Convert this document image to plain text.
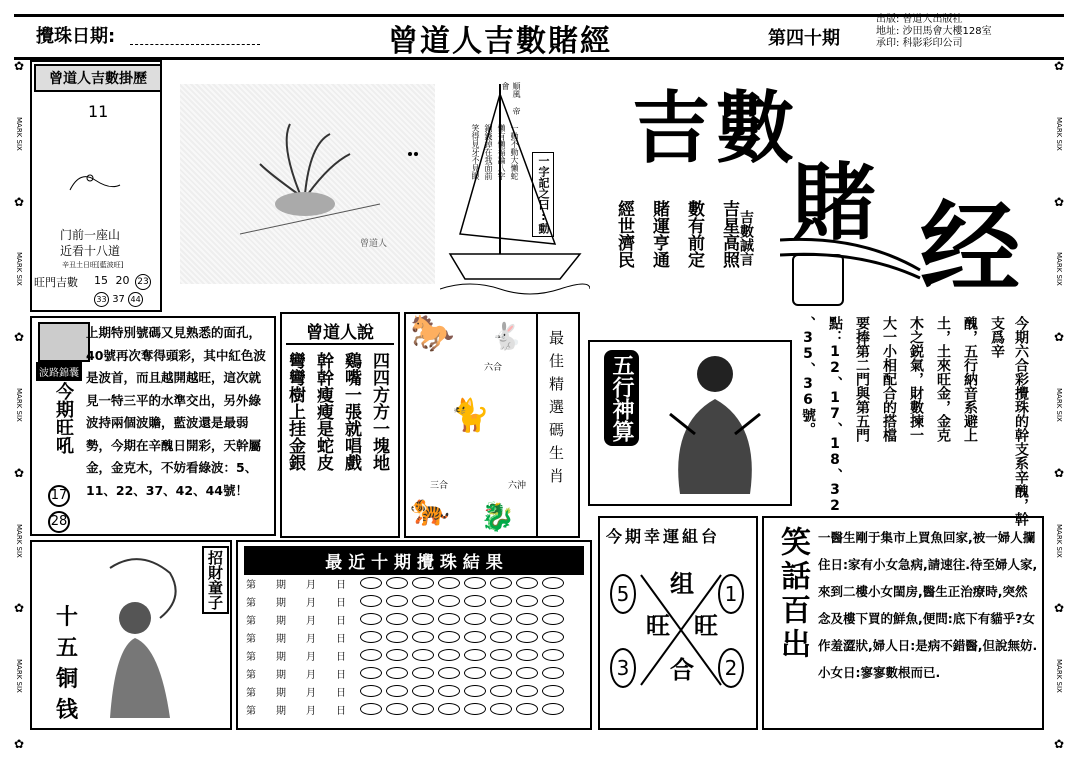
攪珠日期:	曾道人吉數賭經	第四十期
出版: 曾道人出版社
地址: 沙田馬會大樓128室
承印: 科影彩印公司
✿
MARK SIX
✿
MARK SIX
✿
MARK SIX
✿
MARK SIX
✿
MARK SIX
✿
✿
MARK SIX
✿
MARK SIX
✿
MARK SIX
✿
MARK SIX
✿
MARK SIX
✿
曾道人吉數掛歷
11
门前一座山
近看十八道
辛丑土日旺[藍波旺]
旺門吉數 15 20 23
33 37 44
曾道人
順風 帝會
一動不動大懶蛇
懶有懶福論八字
銅錢掉在我面前
笑得見牙不見眼
一字記之曰:動
吉數
賭 经
吉星高照
數有前定
賭運亨通
經世濟民	吉數誠言
波路錦囊
今期旺吼
17
28
上期特別號碼又見熟悉的面孔，40號再次奪得頭彩，其中紅色波是波首，而且越開越旺，這次就見一特三平的水準交出，另外綠波持兩個波贍，藍波還是最弱勢，今期在辛醜日開彩，天幹屬金，金克木，不妨看綠波：5、11、22、37、42、44號！
曾道人說
四四方方一塊地
鷄嘴一張就唱戲
幹幹瘦瘦是蛇皮
彎彎樹上挂金銀
🐎 🐇
六合
🐈
三合	六沖
🐅 🐉
最佳精選碼生肖 五行神算	今期六合彩攪珠的幹支系辛醜，幹支爲辛
醜，五行納音系避上
土，土來旺金，金克
木之鋭氣，財數揀一
大一小相配合的搭檔
要捧第二門與第五門
點：12、17、18、32
、35、36號。
招財童子
十
五
铜
钱
最 近 十 期 攪 珠 結 果
第	期	月	日
第	期	月	日
第	期	月	日
第	期	月	日
第	期	月	日
第	期	月	日
第	期	月	日
第	期	月	日
今期幸運組台
5	1
3	2
组
旺 旺
合
笑話百出 一醫生剛于集市上買魚回家,被一婦人攔住日:家有小女急病,請速往.待至婦人家,來到二樓小女閨房,醫生正治療時,突然念及樓下買的鮮魚,便問:底下有貓乎?女作羞澀狀,婦人日:是病不錯醫,但說無妨.小女日:寥寥數根而已.
